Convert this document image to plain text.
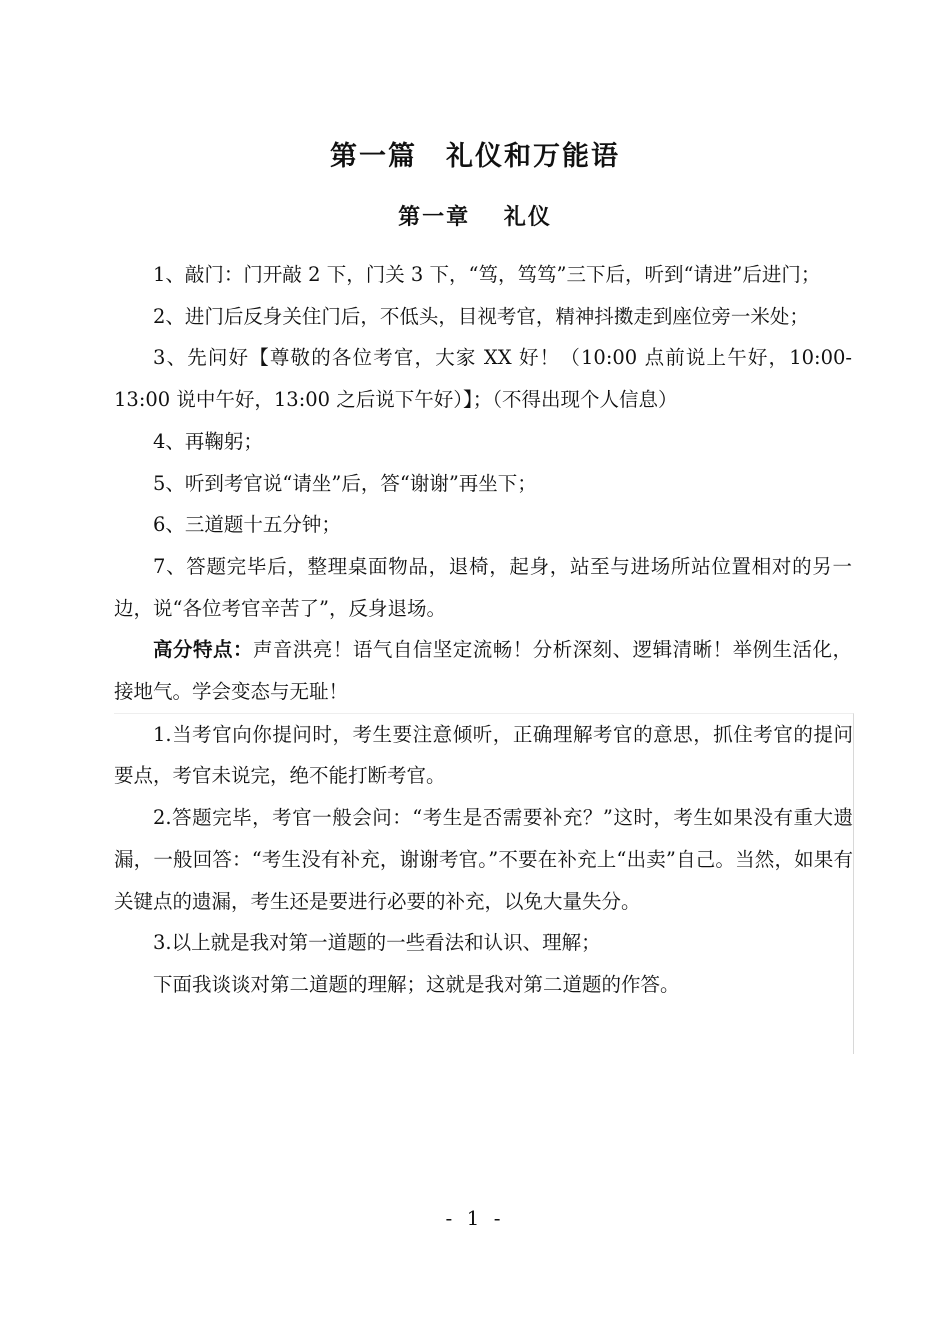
第一篇　礼仪和万能语
第一章　 礼仪

1、敲门：门开敲 2 下，门关 3 下，“笃，笃笃”三下后，听到“请进”后进门；

2、进门后反身关住门后，不低头，目视考官，精神抖擞走到座位旁一米处；

3、先问好【尊敬的各位考官，大家 XX 好！（10:00 点前说上午好，10:00-13:00 说中午好，13:00 之后说下午好）】；（不得出现个人信息）

4、再鞠躬；

5、听到考官说“请坐”后，答“谢谢”再坐下；

6、三道题十五分钟；

7、答题完毕后，整理桌面物品，退椅，起身，站至与进场所站位置相对的另一边，说“各位考官辛苦了”，反身退场。

高分特点：声音洪亮！语气自信坚定流畅！分析深刻、逻辑清晰！举例生活化，接地气。学会变态与无耻！

1.当考官向你提问时，考生要注意倾听，正确理解考官的意思，抓住考官的提问要点，考官未说完，绝不能打断考官。

2.答题完毕，考官一般会问：“考生是否需要补充？”这时，考生如果没有重大遗漏，一般回答：“考生没有补充，谢谢考官。”不要在补充上“出卖”自己。当然，如果有关键点的遗漏，考生还是要进行必要的补充，以免大量失分。

3.以上就是我对第一道题的一些看法和认识、理解；

下面我谈谈对第二道题的理解；这就是我对第二道题的作答。

- 1 -
